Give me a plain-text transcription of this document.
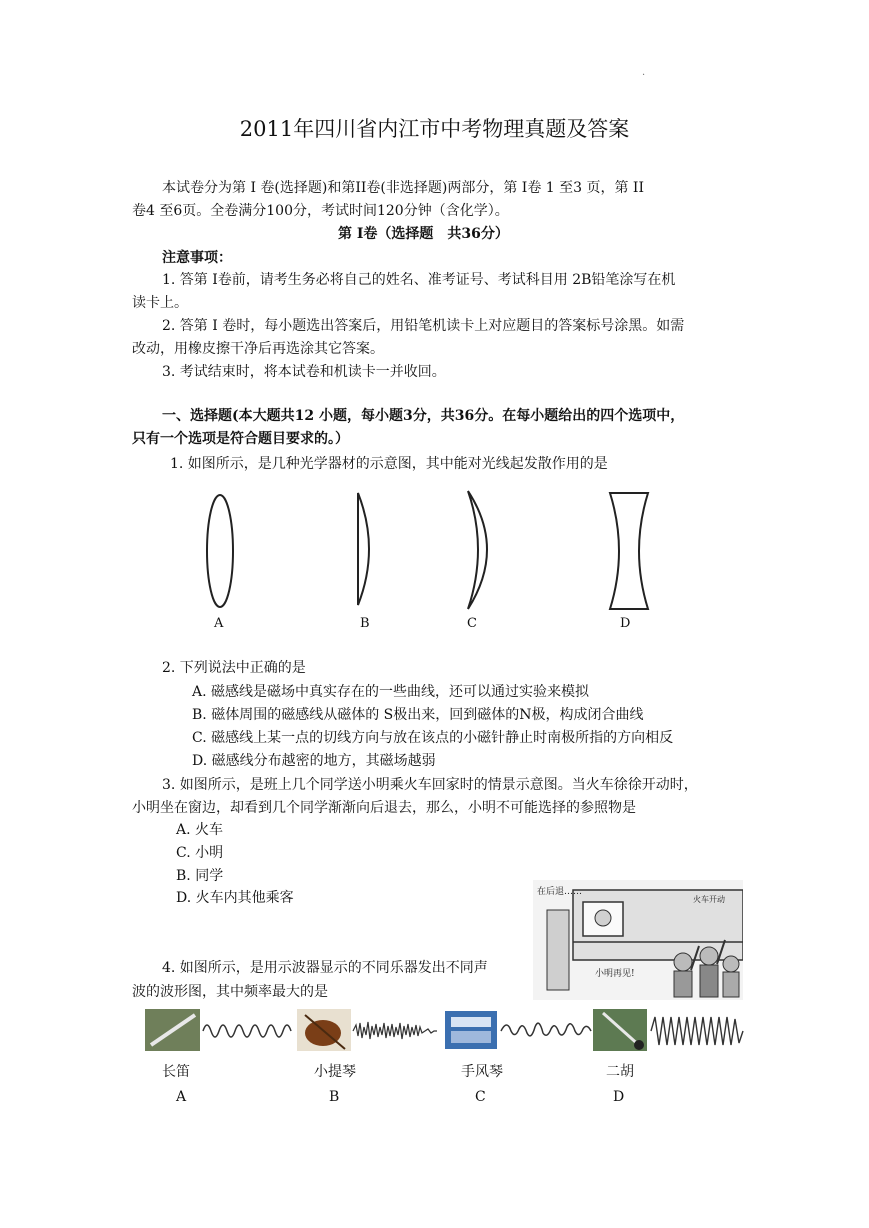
·
2011年四川省内江市中考物理真题及答案
本试卷分为第 I 卷(选择题)和第II卷(非选择题)两部分，第 I卷 1 至3 页，第 II
卷4 至6页。全卷满分100分，考试时间120分钟（含化学）。
第 I卷（选择题　共36分）
注意事项：
1. 答第 I卷前，请考生务必将自己的姓名、准考证号、考试科目用 2B铅笔涂写在机
读卡上。
2. 答第 I 卷时，每小题选出答案后，用铅笔机读卡上对应题目的答案标号涂黑。如需
改动，用橡皮擦干净后再选涂其它答案。
3. 考试结束时，将本试卷和机读卡一并收回。
一、选择题(本大题共12 小题，每小题3分，共36分。在每小题给出的四个选项中，
只有一个选项是符合题目要求的。）
1. 如图所示，是几种光学器材的示意图，其中能对光线起发散作用的是
A	B	C	D
2. 下列说法中正确的是
A. 磁感线是磁场中真实存在的一些曲线，还可以通过实验来模拟
B. 磁体周围的磁感线从磁体的 S极出来，回到磁体的N极，构成闭合曲线
C. 磁感线上某一点的切线方向与放在该点的小磁针静止时南极所指的方向相反
D. 磁感线分布越密的地方，其磁场越弱
3. 如图所示，是班上几个同学送小明乘火车回家时的情景示意图。当火车徐徐开动时，
小明坐在窗边，却看到几个同学渐渐向后退去，那么，小明不可能选择的参照物是
A. 火车
C. 小明
B. 同学
D. 火车内其他乘客	在后退……
火车开动
小明再见!
4. 如图所示，是用示波器显示的不同乐器发出不同声
波的波形图，其中频率最大的是
长笛	小提琴	手风琴	二胡
A	B	C	D
